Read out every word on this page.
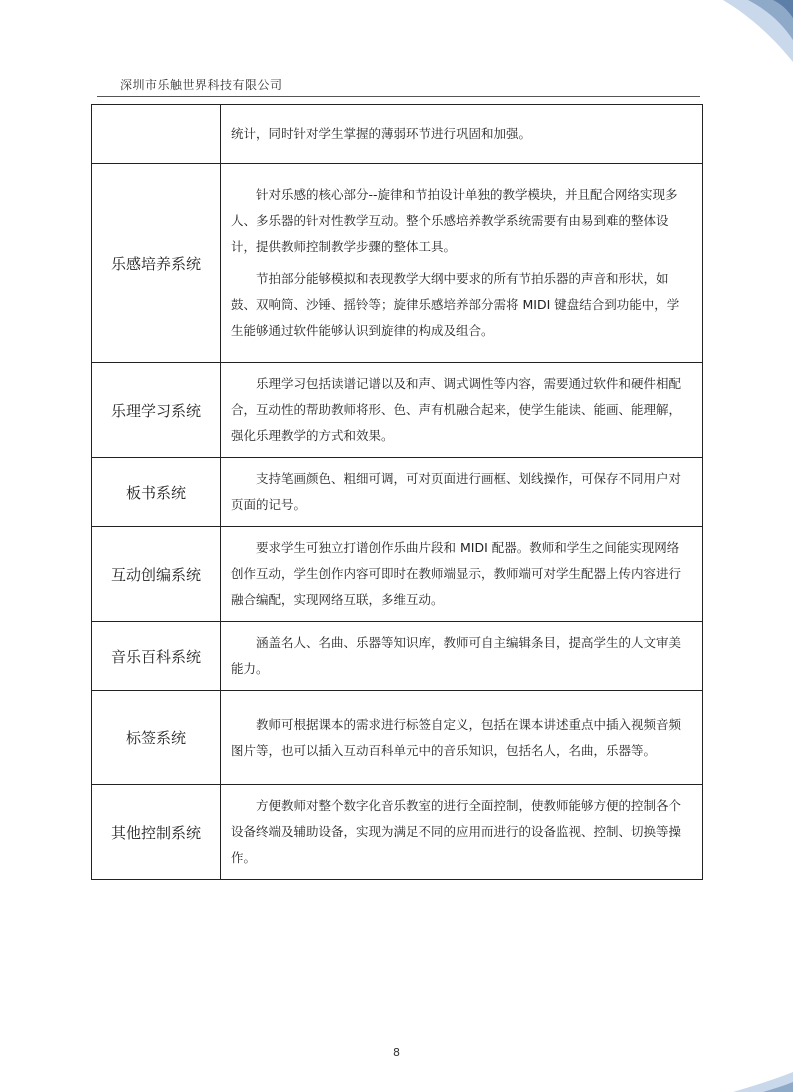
深圳市乐触世界科技有限公司

	统计，同时针对学生掌握的薄弱环节进行巩固和加强。

乐感培养系统	针对乐感的核心部分--旋律和节拍设计单独的教学模块，并且配合网络实现多人、多乐器的针对性教学互动。整个乐感培养教学系统需要有由易到难的整体设计，提供教师控制教学步骤的整体工具。

节拍部分能够模拟和表现教学大纲中要求的所有节拍乐器的声音和形状，如鼓、双响筒、沙锤、摇铃等；旋律乐感培养部分需将 MIDI 键盘结合到功能中，学生能够通过软件能够认识到旋律的构成及组合。

乐理学习系统	乐理学习包括读谱记谱以及和声、调式调性等内容，需要通过软件和硬件相配合，互动性的帮助教师将形、色、声有机融合起来，使学生能读、能画、能理解，强化乐理教学的方式和效果。

板书系统	支持笔画颜色、粗细可调，可对页面进行画框、划线操作，可保存不同用户对页面的记号。

互动创编系统	要求学生可独立打谱创作乐曲片段和 MIDI 配器。教师和学生之间能实现网络创作互动，学生创作内容可即时在教师端显示，教师端可对学生配器上传内容进行融合编配，实现网络互联，多维互动。

音乐百科系统	涵盖名人、名曲、乐器等知识库，教师可自主编辑条目，提高学生的人文审美能力。

标签系统	教师可根据课本的需求进行标签自定义，包括在课本讲述重点中插入视频音频图片等，也可以插入互动百科单元中的音乐知识，包括名人，名曲，乐器等。

其他控制系统	方便教师对整个数字化音乐教室的进行全面控制，使教师能够方便的控制各个设备终端及辅助设备，实现为满足不同的应用而进行的设备监视、控制、切换等操作。

8
